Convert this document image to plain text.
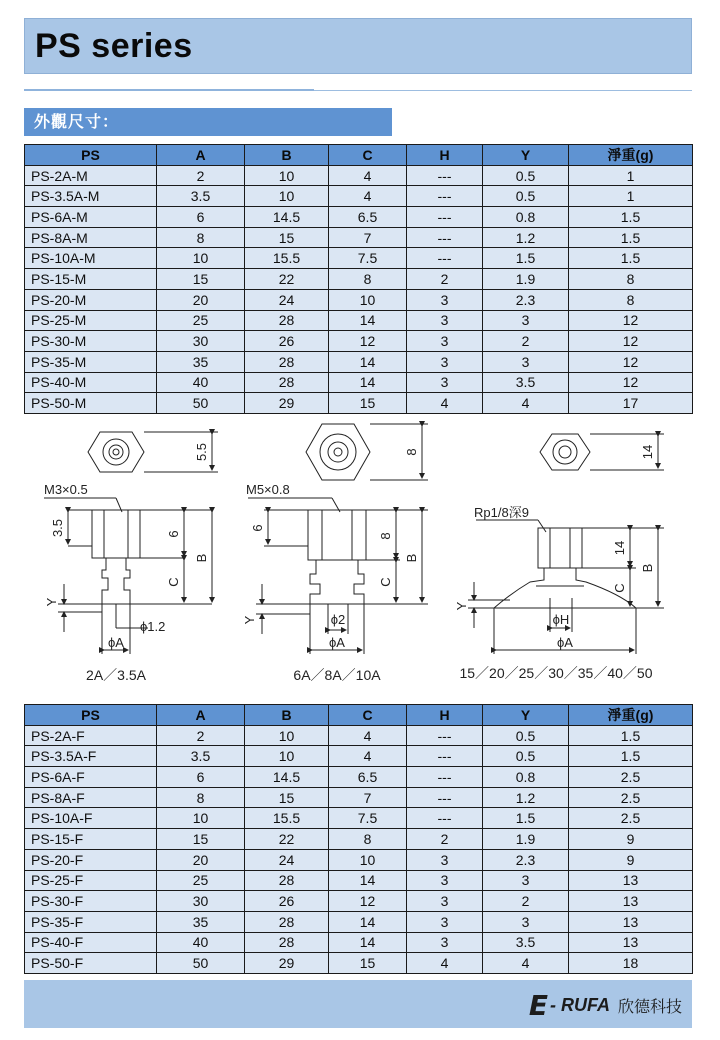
PS series
外觀尺寸：
PS	A	B	C	H	Y	淨重(g)
PS-2A-M	2	10	4	---	0.5	1
PS-3.5A-M	3.5	10	4	---	0.5	1
PS-6A-M	6	14.5	6.5	---	0.8	1.5
PS-8A-M	8	15	7	---	1.2	1.5
PS-10A-M	10	15.5	7.5	---	1.5	1.5
PS-15-M	15	22	8	2	1.9	8
PS-20-M	20	24	10	3	2.3	8
PS-25-M	25	28	14	3	3	12
PS-30-M	30	26	12	3	2	12
PS-35-M	35	28	14	3	3	12
PS-40-M	40	28	14	3	3.5	12
PS-50-M	50	29	15	4	4	17
5.5
M3×0.5
3.5	6
B
C
Y
ϕ1.2
ϕA
2A／3.5A
8
M5×0.8
6
8
B
C
Y	ϕ2
ϕA
6A／8A／10A
14
Rp1/8深9
14
B
C
Y
ϕH
ϕA
15／20／25／30／35／40／50
PS	A	B	C	H	Y	淨重(g)
PS-2A-F	2	10	4	---	0.5	1.5
PS-3.5A-F	3.5	10	4	---	0.5	1.5
PS-6A-F	6	14.5	6.5	---	0.8	2.5
PS-8A-F	8	15	7	---	1.2	2.5
PS-10A-F	10	15.5	7.5	---	1.5	2.5
PS-15-F	15	22	8	2	1.9	9
PS-20-F	20	24	10	3	2.3	9
PS-25-F	25	28	14	3	3	13
PS-30-F	30	26	12	3	2	13
PS-35-F	35	28	14	3	3	13
PS-40-F	40	28	14	3	3.5	13
PS-50-F	50	29	15	4	4	18
E - RUFA 欣德科技
